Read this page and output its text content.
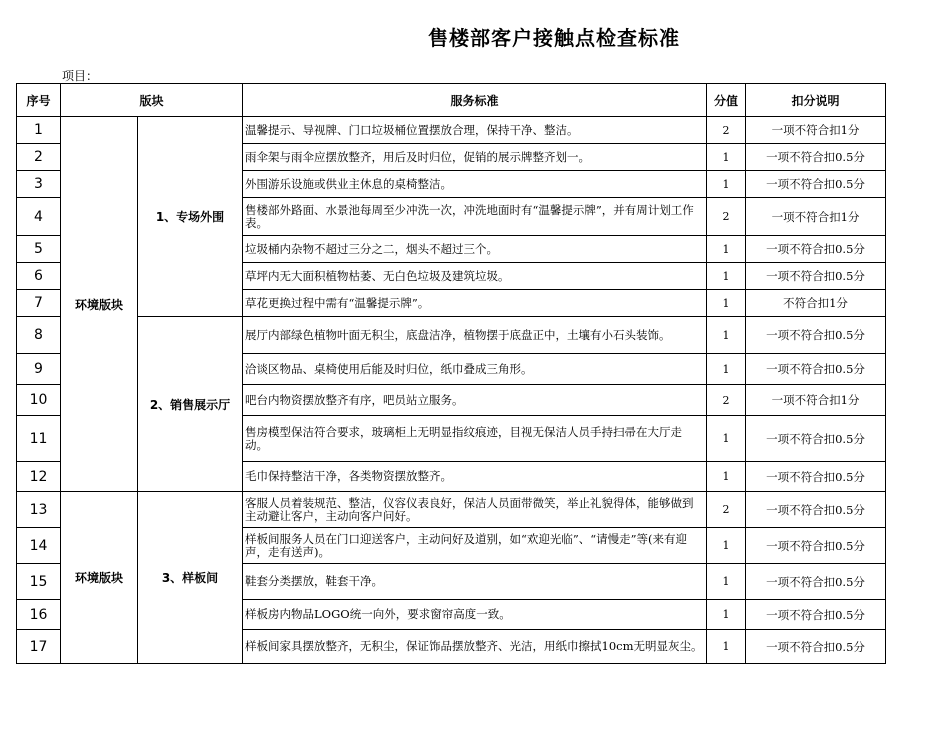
售楼部客户接触点检查标准
项目：
序号	版块		服务标准	分值	扣分说明
1	环境版块	1、专场外围	温馨提示、导视牌、门口垃圾桶位置摆放合理，保持干净、整洁。	2	一项不符合扣1分
2			雨伞架与雨伞应摆放整齐，用后及时归位，促销的展示牌整齐划一。	1	一项不符合扣0.5分
3			外围游乐设施或供业主休息的桌椅整洁。	1	一项不符合扣0.5分
4			售楼部外路面、水景池每周至少冲洗一次，冲洗地面时有“温馨提示牌”，并有周计划工作表。	2	一项不符合扣1分
5			垃圾桶内杂物不超过三分之二，烟头不超过三个。	1	一项不符合扣0.5分
6			草坪内无大面积植物枯萎、无白色垃圾及建筑垃圾。	1	一项不符合扣0.5分
7			草花更换过程中需有“温馨提示牌”。	1	不符合扣1分
8		2、销售展示厅	展厅内部绿色植物叶面无积尘，底盘洁净，植物摆于底盘正中，土壤有小石头装饰。	1	一项不符合扣0.5分
9			洽谈区物品、桌椅使用后能及时归位，纸巾叠成三角形。	1	一项不符合扣0.5分
10			吧台内物资摆放整齐有序，吧员站立服务。	2	一项不符合扣1分
11			售房模型保洁符合要求，玻璃柜上无明显指纹痕迹，目视无保洁人员手持扫帚在大厅走动。	1	一项不符合扣0.5分
12			毛巾保持整洁干净，各类物资摆放整齐。	1	一项不符合扣0.5分
13	环境版块	3、样板间	客服人员着装规范、整洁，仪容仪表良好，保洁人员面带微笑，举止礼貌得体，能够做到主动避让客户，主动向客户问好。	2	一项不符合扣0.5分
14			样板间服务人员在门口迎送客户，主动问好及道别，如“欢迎光临”、“请慢走”等(来有迎声，走有送声)。	1	一项不符合扣0.5分
15			鞋套分类摆放，鞋套干净。	1	一项不符合扣0.5分
16			样板房内物品LOGO统一向外，要求窗帘高度一致。	1	一项不符合扣0.5分
17			样板间家具摆放整齐，无积尘，保证饰品摆放整齐、光洁，用纸巾擦拭10cm无明显灰尘。	1	一项不符合扣0.5分
